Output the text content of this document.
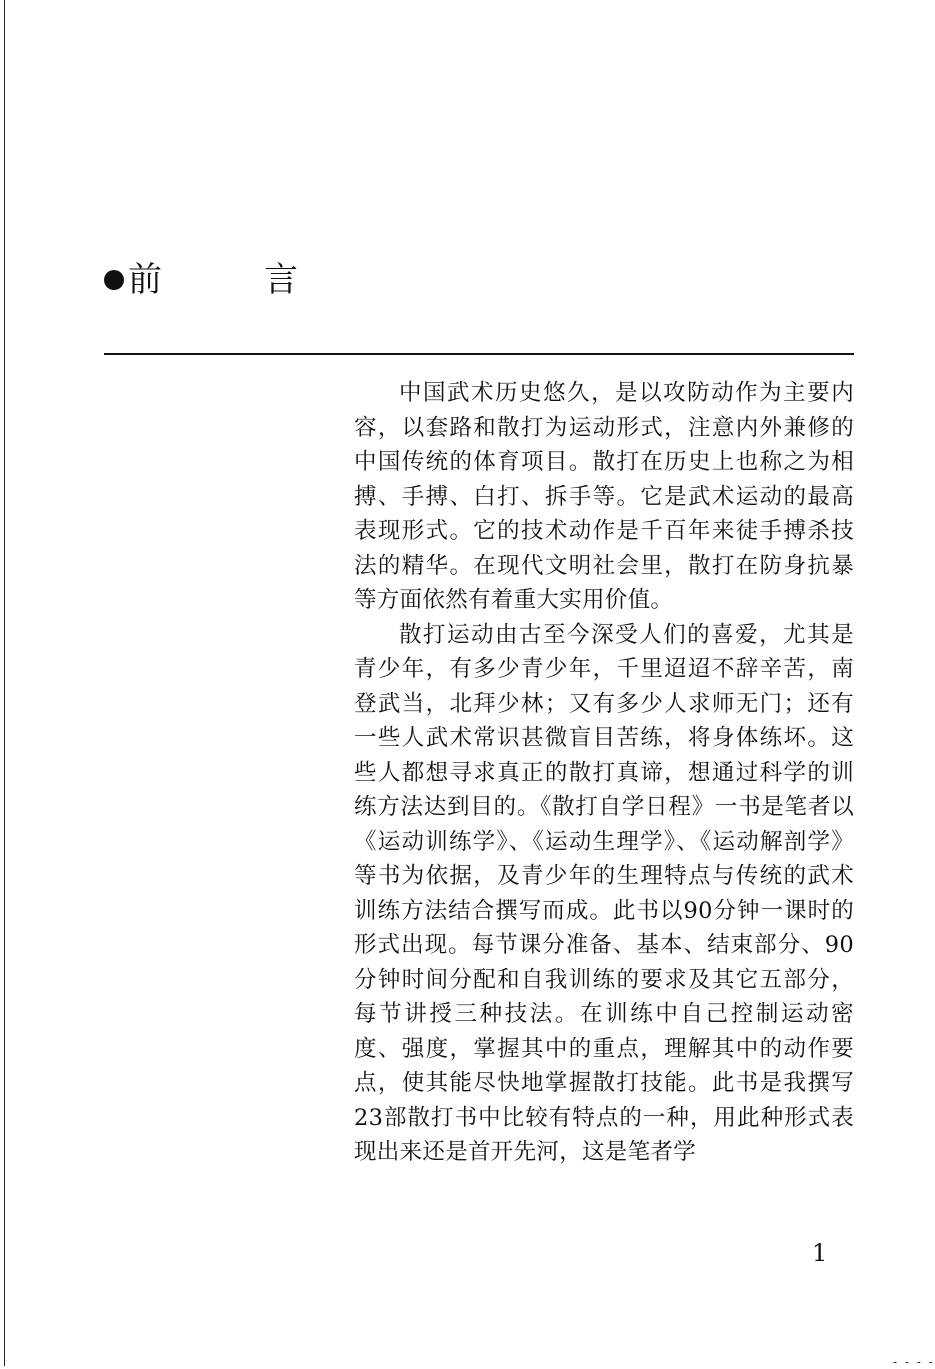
前　　　言

中国武术历史悠久，是以攻防动作为主要内容，以套路和散打为运动形式，注意内外兼修的中国传统的体育项目。散打在历史上也称之为相搏、手搏、白打、拆手等。它是武术运动的最高表现形式。它的技术动作是千百年来徒手搏杀技法的精华。在现代文明社会里，散打在防身抗暴等方面依然有着重大实用价值。

散打运动由古至今深受人们的喜爱，尤其是青少年，有多少青少年，千里迢迢不辞辛苦，南登武当，北拜少林；又有多少人求师无门；还有一些人武术常识甚微盲目苦练，将身体练坏。这些人都想寻求真正的散打真谛，想通过科学的训练方法达到目的。《散打自学日程》一书是笔者以《运动训练学》、《运动生理学》、《运动解剖学》等书为依据，及青少年的生理特点与传统的武术训练方法结合撰写而成。此书以90分钟一课时的形式出现。每节课分准备、基本、结束部分、90分钟时间分配和自我训练的要求及其它五部分，每节讲授三种技法。在训练中自己控制运动密度、强度，掌握其中的重点，理解其中的动作要点，使其能尽快地掌握散打技能。此书是我撰写23部散打书中比较有特点的一种，用此种形式表现出来还是首开先河，这是笔者学

1
- - - -
